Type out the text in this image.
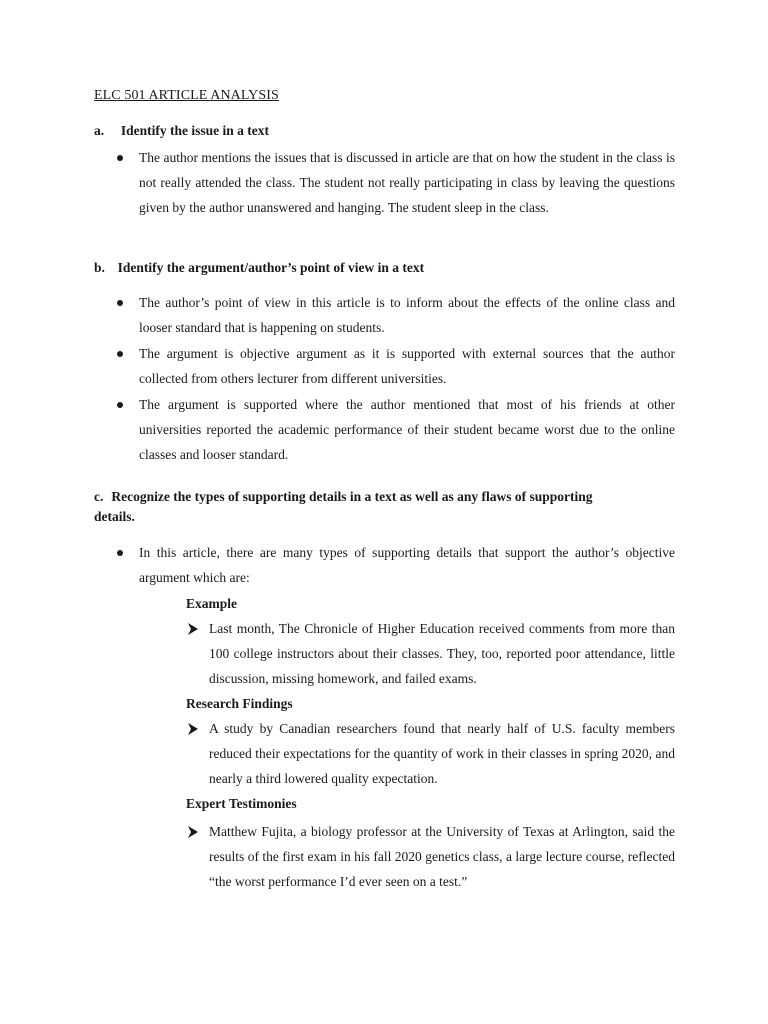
ELC 501 ARTICLE ANALYSIS
a. Identify the issue in a text
The author mentions the issues that is discussed in article are that on how the student in the class is not really attended the class. The student not really participating in class by leaving the questions given by the author unanswered and hanging. The student sleep in the class.
b. Identify the argument/author’s point of view in a text
The author’s point of view in this article is to inform about the effects of the online class and looser standard that is happening on students.
The argument is objective argument as it is supported with external sources that the author collected from others lecturer from different universities.
The argument is supported where the author mentioned that most of his friends at other universities reported the academic performance of their student became worst due to the online classes and looser standard.
c. Recognize the types of supporting details in a text as well as any flaws of supporting
details.
In this article, there are many types of supporting details that support the author’s objective argument which are:
Example
Last month, The Chronicle of Higher Education received comments from more than 100 college instructors about their classes. They, too, reported poor attendance, little discussion, missing homework, and failed exams.
Research Findings
A study by Canadian researchers found that nearly half of U.S. faculty members reduced their expectations for the quantity of work in their classes in spring 2020, and nearly a third lowered quality expectation.
Expert Testimonies
Matthew Fujita, a biology professor at the University of Texas at Arlington, said the results of the first exam in his fall 2020 genetics class, a large lecture course, reflected “the worst performance I’d ever seen on a test.”
